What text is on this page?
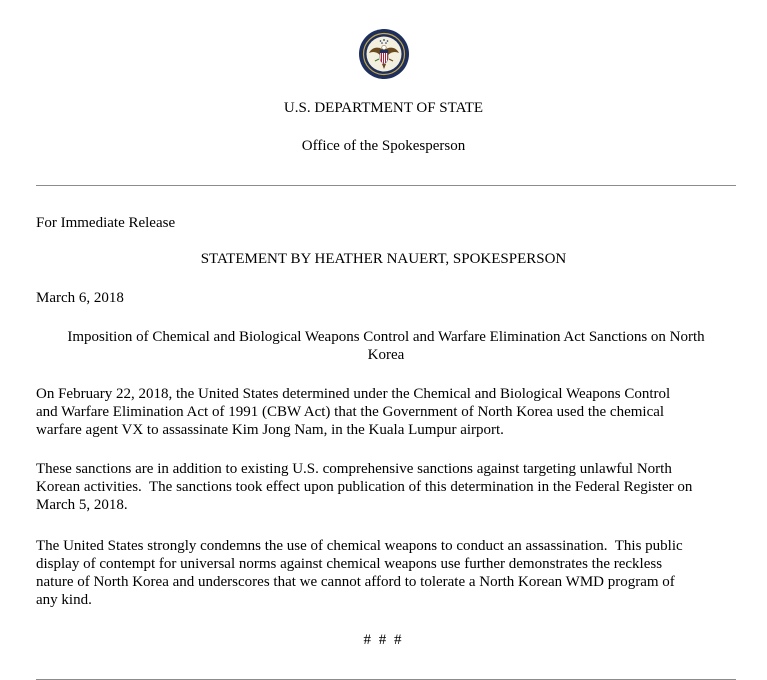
U.S. DEPARTMENT OF STATE
Office of the Spokesperson
For Immediate Release
STATEMENT BY HEATHER NAUERT, SPOKESPERSON
March 6, 2018
Imposition of Chemical and Biological Weapons Control and Warfare Elimination Act Sanctions on North
Korea
On February 22, 2018, the United States determined under the Chemical and Biological Weapons Control
and Warfare Elimination Act of 1991 (CBW Act) that the Government of North Korea used the chemical
warfare agent VX to assassinate Kim Jong Nam, in the Kuala Lumpur airport.
These sanctions are in addition to existing U.S. comprehensive sanctions against targeting unlawful North
Korean activities.  The sanctions took effect upon publication of this determination in the Federal Register on
March 5, 2018.
The United States strongly condemns the use of chemical weapons to conduct an assassination.  This public
display of contempt for universal norms against chemical weapons use further demonstrates the reckless
nature of North Korea and underscores that we cannot afford to tolerate a North Korean WMD program of
any kind.
# # #
